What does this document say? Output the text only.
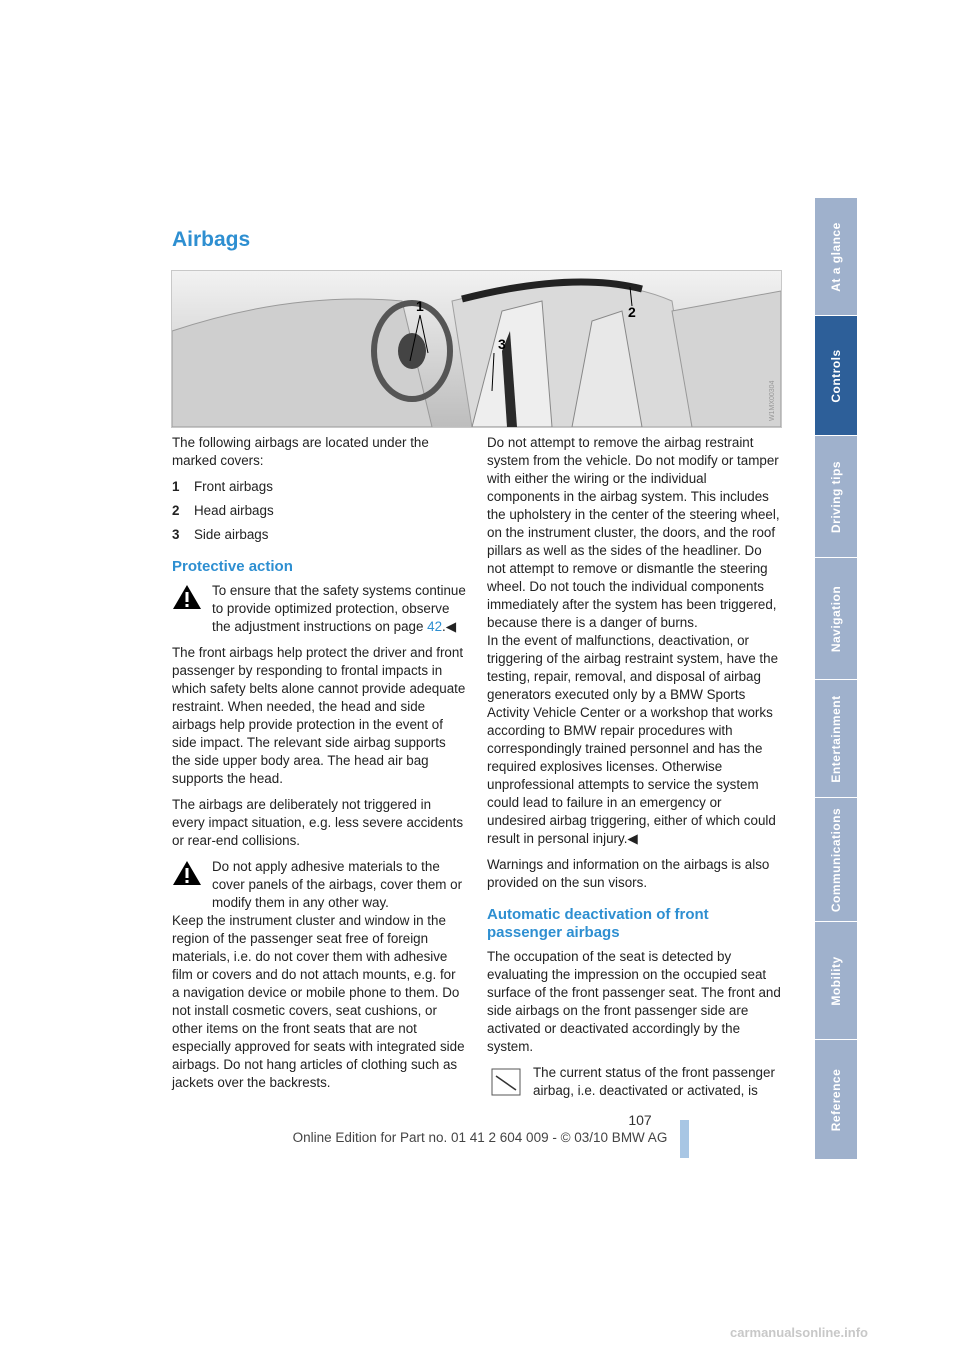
Airbags
1	2
3
W1MX00304

The following airbags are located under the marked covers:

1	Front airbags
2	Head airbags
3	Side airbags
Protective action
To ensure that the safety systems continue to provide optimized protection, observe the adjustment instructions on page 42.◀

The front airbags help protect the driver and front passenger by responding to frontal impacts in which safety belts alone cannot provide adequate restraint. When needed, the head and side airbags help provide protection in the event of side impact. The relevant side airbag supports the side upper body area. The head air bag supports the head.

The airbags are deliberately not triggered in every impact situation, e.g. less severe accidents or rear-end collisions.

Do not apply adhesive materials to the cover panels of the airbags, cover them or modify them in any other way.

Keep the instrument cluster and window in the region of the passenger seat free of foreign materials, i.e. do not cover them with adhesive film or covers and do not attach mounts, e.g. for a navigation device or mobile phone to them. Do not install cosmetic covers, seat cushions, or other items on the front seats that are not especially approved for seats with integrated side airbags. Do not hang articles of clothing such as jackets over the backrests.

Do not attempt to remove the airbag restraint system from the vehicle. Do not modify or tamper with either the wiring or the individual components in the airbag system. This includes the upholstery in the center of the steering wheel, on the instrument cluster, the doors, and the roof pillars as well as the sides of the headliner. Do not attempt to remove or dismantle the steering wheel. Do not touch the individual components immediately after the system has been triggered, because there is a danger of burns.

In the event of malfunctions, deactivation, or triggering of the airbag restraint system, have the testing, repair, removal, and disposal of airbag generators executed only by a BMW Sports Activity Vehicle Center or a workshop that works according to BMW repair procedures with correspondingly trained personnel and has the required explosives licenses. Otherwise unprofessional attempts to service the system could lead to failure in an emergency or undesired airbag triggering, either of which could result in personal injury.◀

Warnings and information on the airbags is also provided on the sun visors.

Automatic deactivation of front passenger airbags

The occupation of the seat is detected by evaluating the impression on the occupied seat surface of the front passenger seat. The front and side airbags on the front passenger side are activated or deactivated accordingly by the system.

The current status of the front passenger airbag, i.e. deactivated or activated, is
At a glance
Controls
Driving tips
Navigation
Entertainment
Communications
Mobility
Reference
107
Online Edition for Part no. 01 41 2 604 009 - © 03/10 BMW AG
carmanualsonline.info
